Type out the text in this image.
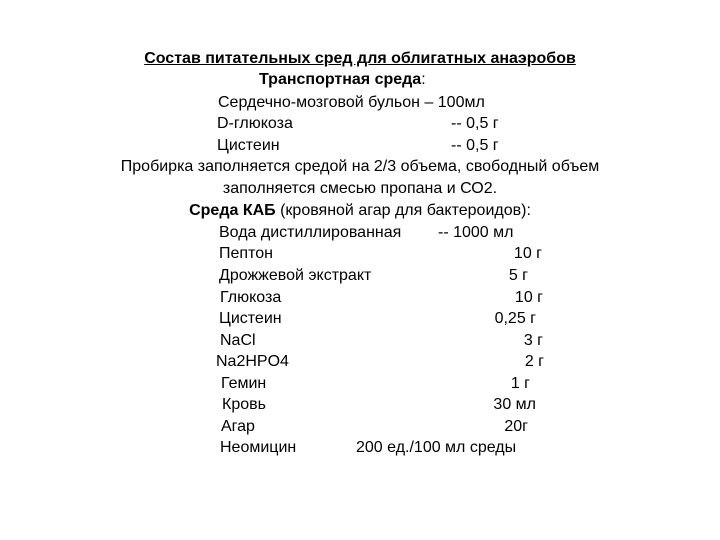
Состав питательных сред для облигатных анаэробов
Транспортная среда:
Сердечно-мозговой бульон – 100мл
D-глюкоза	-- 0,5 г
Цистеин	-- 0,5 г
Пробирка заполняется средой на 2/3 объема, свободный объем
заполняется смесью пропана и СО2.
Среда КАБ (кровяной агар для бактероидов):
Вода дистиллированная -- 1000 мл
Пептон	10 г
Дрожжевой экстракт	5 г
Глюкоза	10 г
Цистеин	0,25 г
NaCl	3 г
Na2HPO4	2 г
Гемин	1 г
Кровь	30 мл
Агар	20г
Неомицин	200 ед./100 мл среды
